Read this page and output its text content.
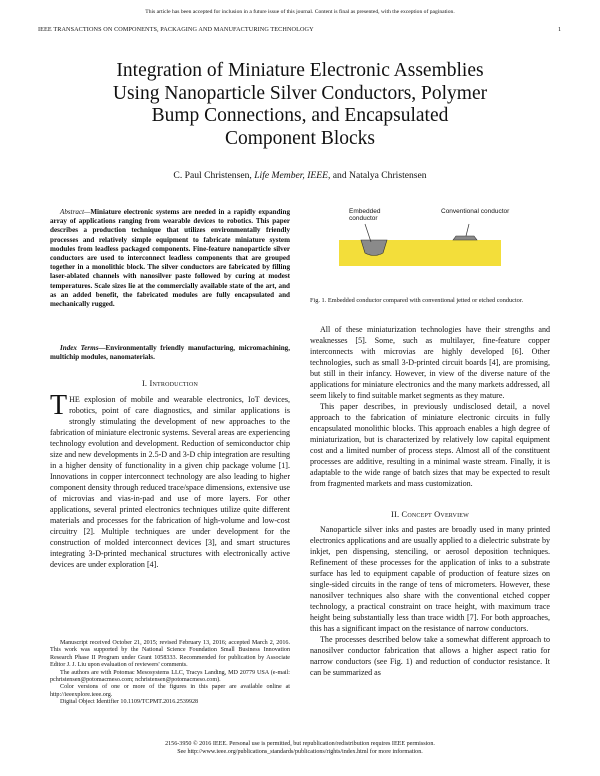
This article has been accepted for inclusion in a future issue of this journal. Content is final as presented, with the exception of pagination.
IEEE TRANSACTIONS ON COMPONENTS, PACKAGING AND MANUFACTURING TECHNOLOGY	1
Integration of Miniature Electronic Assemblies
Using Nanoparticle Silver Conductors, Polymer
Bump Connections, and Encapsulated
Component Blocks
C. Paul Christensen, Life Member, IEEE, and Natalya Christensen

Abstract—Miniature electronic systems are needed in a rapidly expanding array of applications ranging from wearable devices to robotics. This paper describes a production technique that utilizes environmentally friendly processes and relatively simple equipment to fabricate miniature system modules from leadless packaged components. Fine-feature nanoparticle silver conductors are used to interconnect leadless components that are grouped together in a monolithic block. The silver conductors are fabricated by filling laser-ablated channels with nanosilver paste followed by curing at modest temperatures. Scale sizes lie at the commercially available state of the art, and as an added benefit, the fabricated modules are fully encapsulated and mechanically rugged.

Index Terms—Environmentally friendly manufacturing, micromachining, multichip modules, nanomaterials.

I. Introduction

THE explosion of mobile and wearable electronics, IoT devices, robotics, point of care diagnostics, and similar applications is strongly stimulating the development of new approaches to the fabrication of miniature electronic systems. Several areas are experiencing technology evolution and development. Reduction of semiconductor chip size and new developments in 2.5-D and 3-D chip integration are resulting in a higher density of functionality in a given chip package volume [1]. Innovations in copper interconnect technology are also leading to higher component density through reduced trace/space dimensions, extensive use of microvias and vias-in-pad and use of more layers. For other applications, several printed electronics techniques utilize quite different materials and processes for the fabrication of high-volume and low-cost circuitry [2]. Multiple techniques are under development for the construction of molded interconnect devices [3], and smart structures integrating 3-D-printed mechanical structures with electronically active devices are under exploration [4].

Manuscript received October 21, 2015; revised February 13, 2016; accepted March 2, 2016. This work was supported by the National Science Foundation Small Business Innovation Research Phase II Program under Grant 1058333. Recommended for publication by Associate Editor J. J. Liu upon evaluation of reviewers' comments.

The authors are with Potomac Mesosystems LLC, Tracys Landing, MD 20779 USA (e-mail: pchristensen@potomacmeso.com; nchristensen@potomacmeso.com).

Color versions of one or more of the figures in this paper are available online at http://ieeexplore.ieee.org.

Digital Object Identifier 10.1109/TCPMT.2016.2539928

Embedded conductor
Conventional conductor
Fig. 1. Embedded conductor compared with conventional jetted or etched conductor.

All of these miniaturization technologies have their strengths and weaknesses [5]. Some, such as multilayer, fine-feature copper interconnects with microvias are highly developed [6]. Other technologies, such as small 3-D-printed circuit boards [4], are promising, but still in their infancy. However, in view of the diverse nature of the applications for miniature electronics and the many markets addressed, all seem likely to find suitable market segments as they mature.

This paper describes, in previously undisclosed detail, a novel approach to the fabrication of miniature electronic circuits in fully encapsulated monolithic blocks. This approach enables a high degree of miniaturization, but is characterized by relatively low capital equipment cost and a limited number of process steps. Almost all of the constituent processes are additive, resulting in a minimal waste stream. Finally, it is adaptable to the wide range of batch sizes that may be expected to result from fragmented markets and mass customization.

II. Concept Overview

Nanoparticle silver inks and pastes are broadly used in many printed electronics applications and are usually applied to a dielectric substrate by inkjet, pen dispensing, stenciling, or aerosol deposition techniques. Refinement of these processes for the application of inks to a substrate surface has led to equipment capable of production of feature sizes on single-sided circuits in the range of tens of micrometers. However, these nanosilver techniques also share with the conventional etched copper technology, a practical constraint on trace height, with maximum trace height being substantially less than trace width [7]. For both approaches, this has a significant impact on the resistance of narrow conductors.

The processes described below take a somewhat different approach to nanosilver conductor fabrication that allows a higher aspect ratio for narrow conductors (see Fig. 1) and reduction of conductor resistance. It can be summarized as

2156-3950 © 2016 IEEE. Personal use is permitted, but republication/redistribution requires IEEE permission.
See http://www.ieee.org/publications_standards/publications/rights/index.html for more information.
